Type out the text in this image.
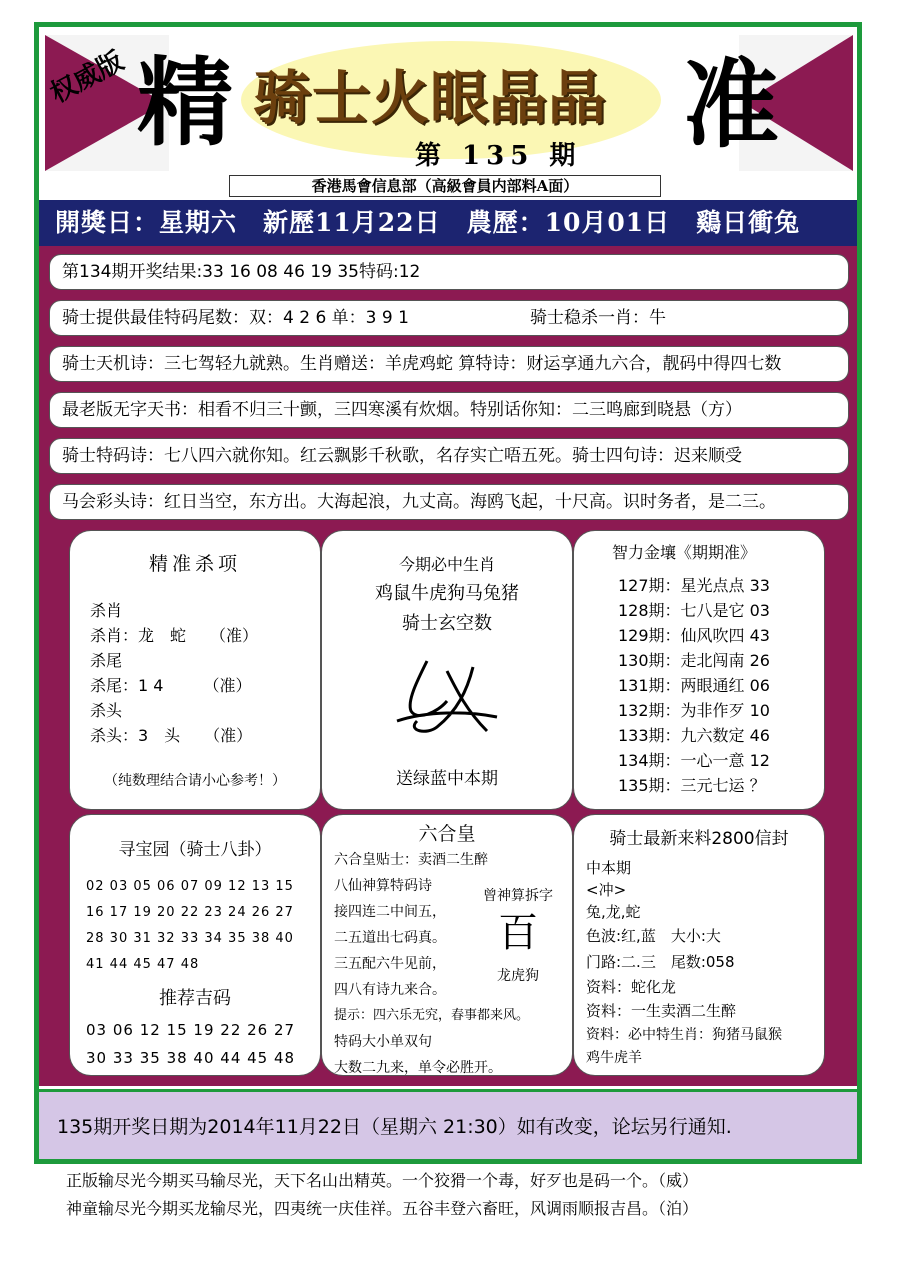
权威版 精 骑士火眼晶晶
第 135 期 准
香港馬會信息部（高級會員内部料A面）
開獎日：星期六　新歷11月22日　農歷：10月01日　鷄日衝兔
第134期开奖结果:33 16 08 46 19 35特码:12
骑士提供最佳特码尾数：双：4 2 6 单：3 9 1	骑士稳杀一肖：牛
骑士天机诗：三七驾轻九就熟。生肖赠送：羊虎鸡蛇 算特诗：财运享通九六合，靓码中得四七数
最老版无字天书：相看不归三十颤，三四寒溪有炊烟。特别话你知：二三鸣廊到晓悬（方）
骑士特码诗：七八四六就你知。红云飘影千秋歌，名存实亡唔五死。骑士四句诗：迟来顺受
马会彩头诗：红日当空，东方出。大海起浪，九丈高。海鸥飞起，十尺高。识时务者，是二三。
精准杀项
杀肖
杀肖：龙　蛇　　（准）
杀尾
杀尾：1 4　　　（准）
杀头
杀头：3　头　　（准）
（纯数理结合请小心参考！）
今期必中生肖
鸡鼠牛虎狗马兔猪
骑士玄空数
送绿蓝中本期
智力金壤《期期准》
127期：星光点点 33
128期：七八是它 03
129期：仙风吹四 43
130期：走北闯南 26
131期：两眼通红 06
132期：为非作歹 10
133期：九六数定 46
134期：一心一意 12
135期：三元七运 ？
寻宝园（骑士八卦）
02 03 05 06 07 09 12 13 15
16 17 19 20 22 23 24 26 27
28 30 31 32 33 34 35 38 40
41 44 45 47 48
推荐吉码
03 06 12 15 19 22 26 27
30 33 35 38 40 44 45 48
六合皇
六合皇贴士：卖酒二生醉
八仙神算特码诗
接四连二中间五，
二五道出七码真。
三五配六牛见前，
四八有诗九来合。
提示：四六乐无究，春事都来风。
特码大小单双句
大数二九来，单令必胜开。
曾神算拆字
百
龙虎狗
骑士最新来料2800信封
中本期
<冲>
兔,龙,蛇
色波:红,蓝　大小:大
门路:二.三　尾数:058
资料：蛇化龙
资料：一生卖酒二生醉
资料：必中特生肖：狗猪马鼠猴
鸡牛虎羊
135期开奖日期为2014年11月22日（星期六 21:30）如有改变，论坛另行通知.
正版输尽光今期买马输尽光，天下名山出精英。一个狡猾一个毒，好歹也是码一个。（威）
神童输尽光今期买龙输尽光，四夷统一庆佳祥。五谷丰登六畜旺，风调雨顺报吉昌。（泊）
